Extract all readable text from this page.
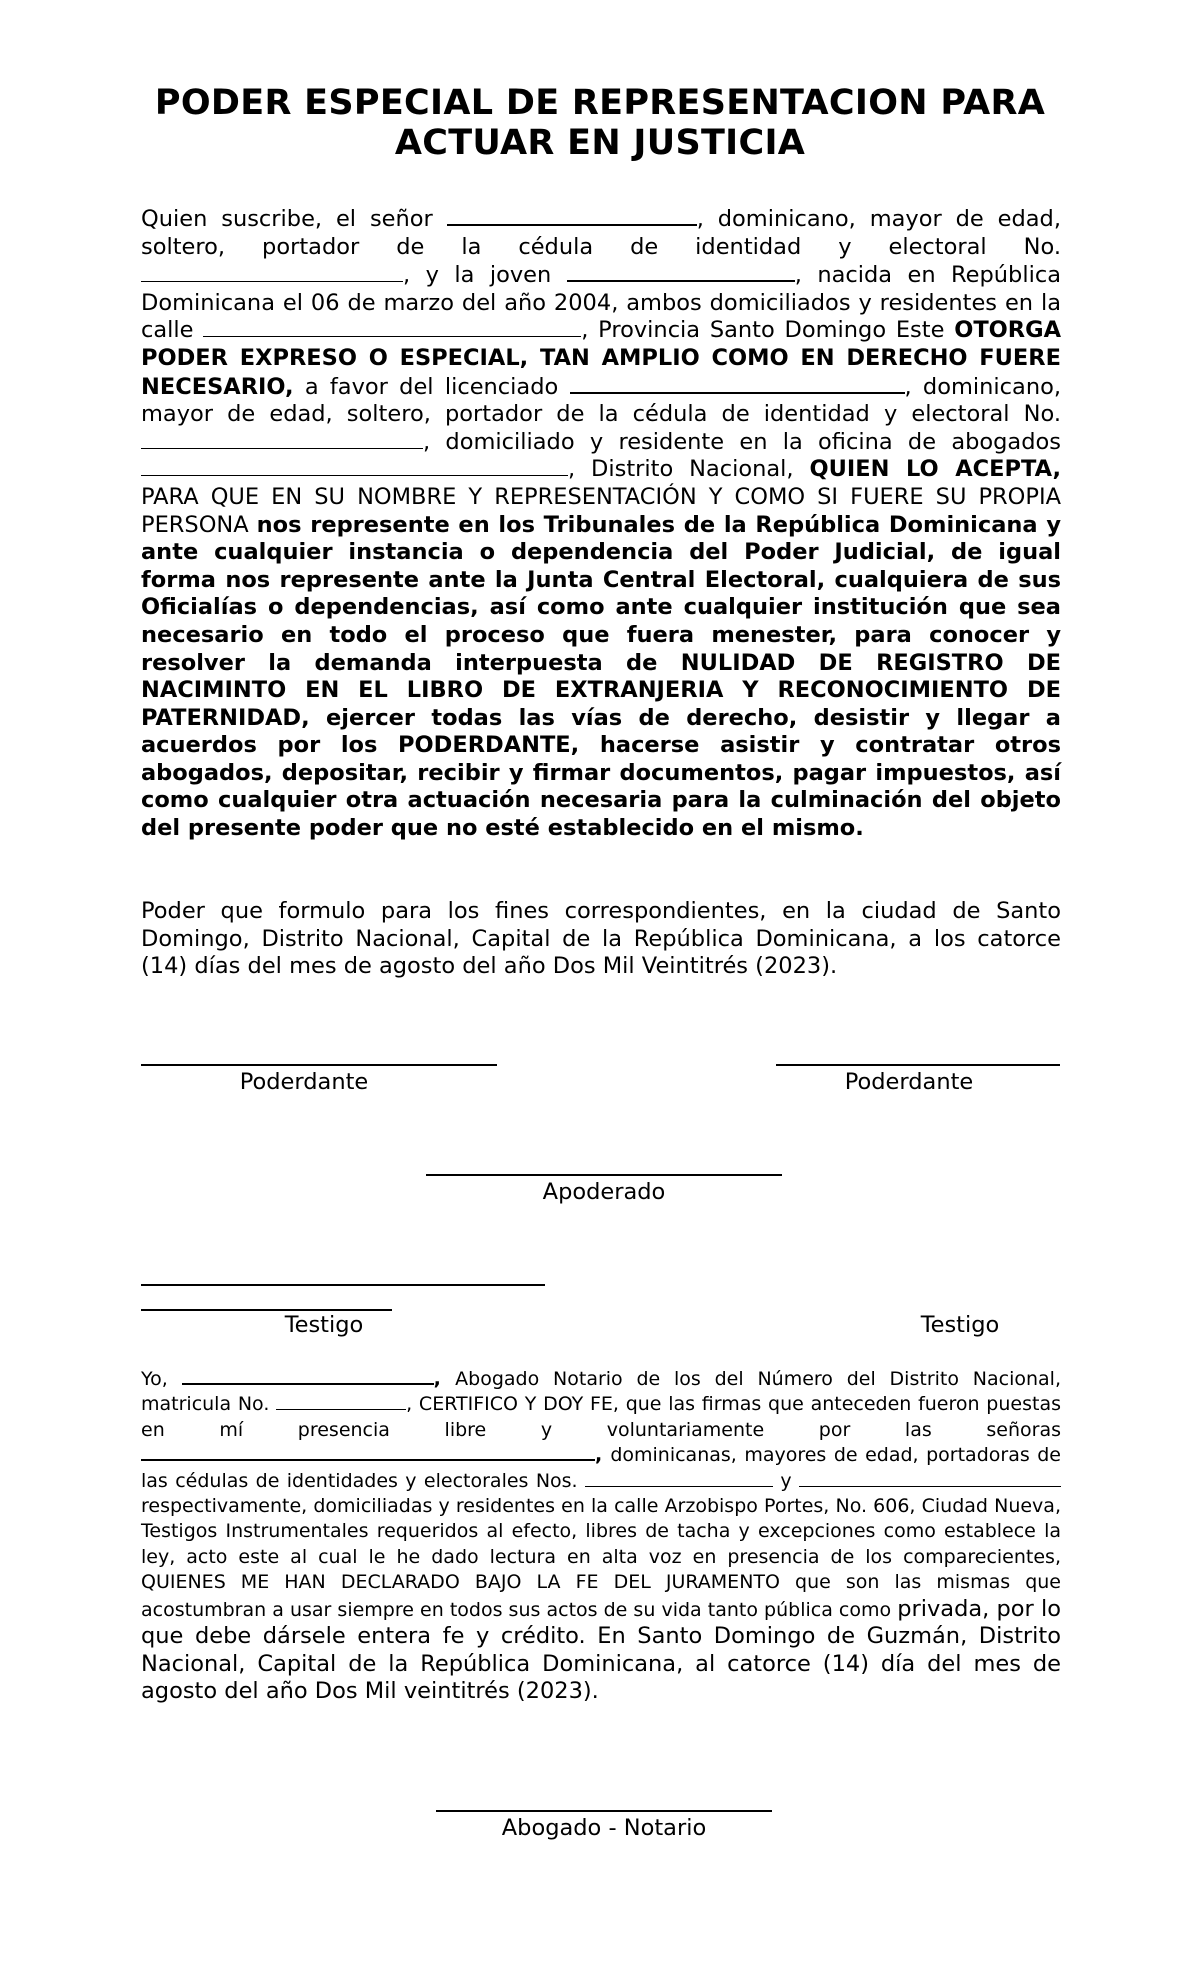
PODER ESPECIAL DE REPRESENTACION PARA
ACTUAR EN JUSTICIA
Quien suscribe, el señor	, dominicano, mayor de edad, soltero, portador de la cédula de identidad y electoral No. , y la joven	, nacida en República Dominicana el 06 de marzo del año 2004, ambos domiciliados y residentes en la calle	, Provincia Santo Domingo Este OTORGA PODER EXPRESO O ESPECIAL, TAN AMPLIO COMO EN DERECHO FUERE NECESARIO, a favor del licenciado	, dominicano, mayor de edad, soltero, portador de la cédula de identidad y electoral No. , domiciliado y residente en la oficina de abogados , Distrito Nacional, QUIEN LO ACEPTA, PARA QUE EN SU NOMBRE Y REPRESENTACIÓN Y COMO SI FUERE SU PROPIA PERSONA nos represente en los Tribunales de la República Dominicana y ante cualquier instancia o dependencia del Poder Judicial, de igual forma nos represente ante la Junta Central Electoral, cualquiera de sus Oficialías o dependencias, así como ante cualquier institución que sea necesario en todo el proceso que fuera menester, para conocer y resolver la demanda interpuesta de NULIDAD DE REGISTRO DE NACIMINTO EN EL LIBRO DE EXTRANJERIA Y RECONOCIMIENTO DE PATERNIDAD, ejercer todas las vías de derecho, desistir y llegar a acuerdos por los PODERDANTE, hacerse asistir y contratar otros abogados, depositar, recibir y firmar documentos, pagar impuestos, así como cualquier otra actuación necesaria para la culminación del objeto del presente poder que no esté establecido en el mismo.
Poder que formulo para los fines correspondientes, en la ciudad de Santo Domingo, Distrito Nacional, Capital de la República Dominicana, a los catorce (14) días del mes de agosto del año Dos Mil Veintitrés (2023).
Poderdante	Poderdante
Apoderado
Testigo	Testigo
Yo,	, Abogado Notario de los del Número del Distrito Nacional, matricula No.	, CERTIFICO Y DOY FE, que las firmas que anteceden fueron puestas en mí presencia libre y voluntariamente por las señoras , dominicanas, mayores de edad, portadoras de las cédulas de identidades y electorales Nos.	y  respectivamente, domiciliadas y residentes en la calle Arzobispo Portes, No. 606, Ciudad Nueva, Testigos Instrumentales requeridos al efecto, libres de tacha y excepciones como establece la ley, acto este al cual le he dado lectura en alta voz en presencia de los comparecientes, QUIENES ME HAN DECLARADO BAJO LA FE DEL JURAMENTO que son las mismas que acostumbran a usar siempre en todos sus actos de su vida tanto pública como privada, por lo que debe dársele entera fe y crédito. En Santo Domingo de Guzmán, Distrito Nacional, Capital de la República Dominicana, al catorce (14) día del mes de agosto del año Dos Mil veintitrés (2023).
Abogado - Notario
